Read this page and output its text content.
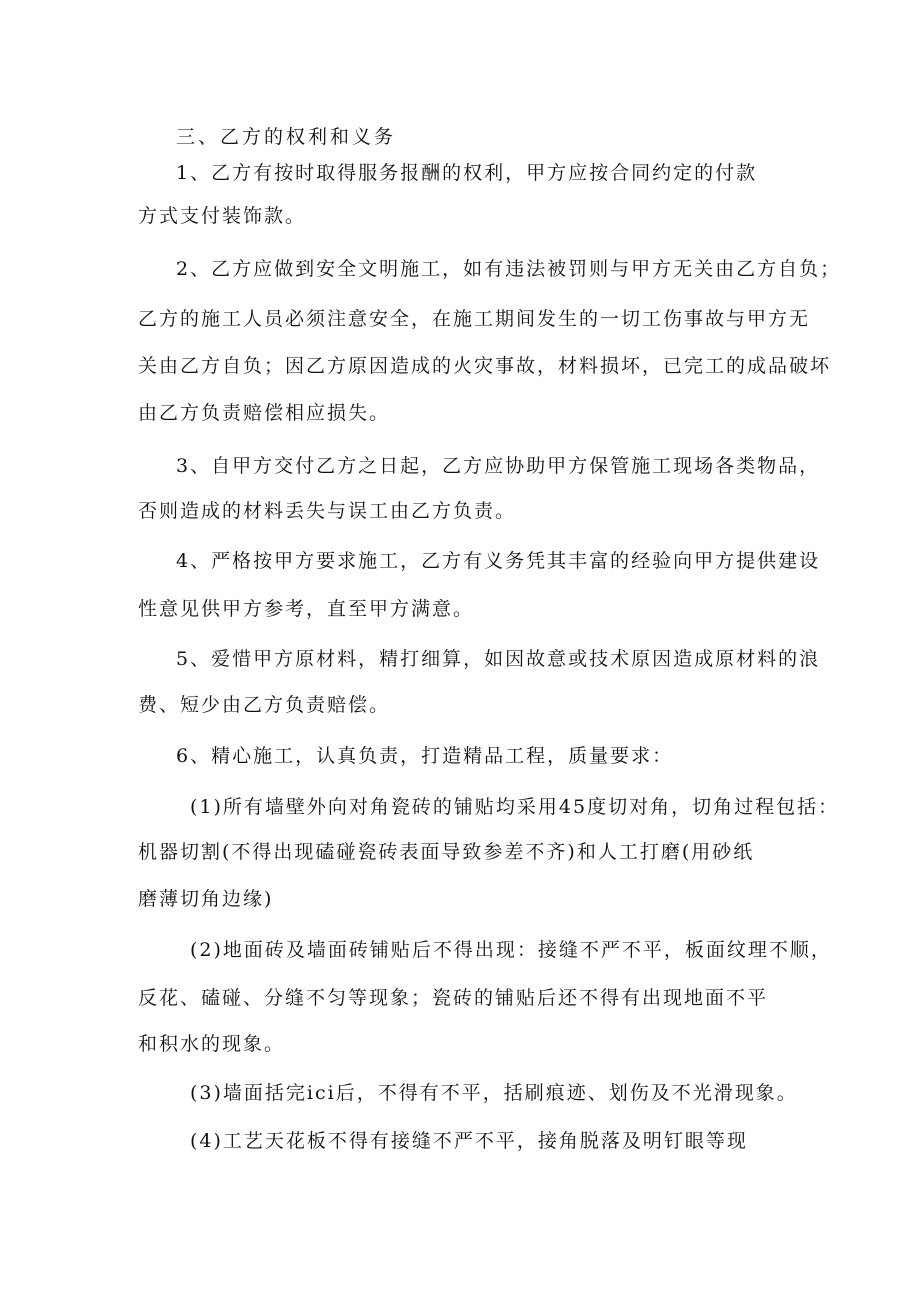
三、乙方的权利和义务
1、乙方有按时取得服务报酬的权利，甲方应按合同约定的付款
方式支付装饰款。
2、乙方应做到安全文明施工，如有违法被罚则与甲方无关由乙方自负；
乙方的施工人员必须注意安全，在施工期间发生的一切工伤事故与甲方无
关由乙方自负；因乙方原因造成的火灾事故，材料损坏，已完工的成品破坏
由乙方负责赔偿相应损失。
3、自甲方交付乙方之日起，乙方应协助甲方保管施工现场各类物品，
否则造成的材料丢失与误工由乙方负责。
4、严格按甲方要求施工，乙方有义务凭其丰富的经验向甲方提供建设
性意见供甲方参考，直至甲方满意。
5、爱惜甲方原材料，精打细算，如因故意或技术原因造成原材料的浪
费、短少由乙方负责赔偿。
6、精心施工，认真负责，打造精品工程，质量要求：
(1)所有墙壁外向对角瓷砖的铺贴均采用45度切对角，切角过程包括：
机器切割(不得出现磕碰瓷砖表面导致参差不齐)和人工打磨(用砂纸
磨薄切角边缘)
(2)地面砖及墙面砖铺贴后不得出现：接缝不严不平，板面纹理不顺，
反花、磕碰、分缝不匀等现象；瓷砖的铺贴后还不得有出现地面不平
和积水的现象。
(3)墙面括完ici后，不得有不平，括刷痕迹、划伤及不光滑现象。
(4)工艺天花板不得有接缝不严不平，接角脱落及明钉眼等现
